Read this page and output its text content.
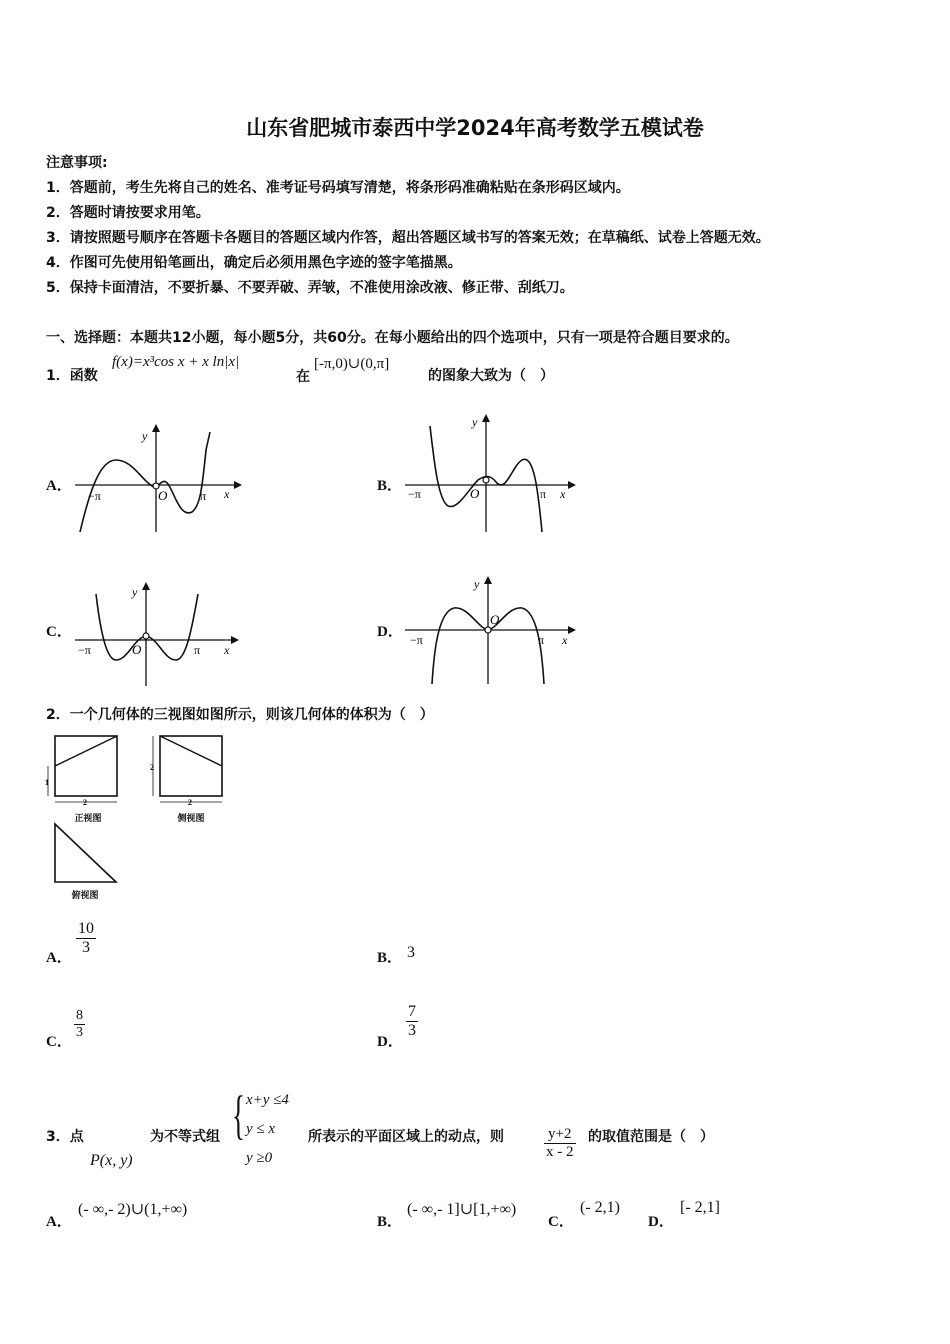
山东省肥城市泰西中学2024年高考数学五模试卷
注意事项:
1．答题前，考生先将自己的姓名、准考证号码填写清楚，将条形码准确粘贴在条形码区域内。
2．答题时请按要求用笔。
3．请按照题号顺序在答题卡各题目的答题区域内作答，超出答题区域书写的答案无效；在草稿纸、试卷上答题无效。
4．作图可先使用铅笔画出，确定后必须用黑色字迹的签字笔描黑。
5．保持卡面清洁，不要折暴、不要弄破、弄皱，不准使用涂改液、修正带、刮纸刀。
一、选择题：本题共12小题，每小题5分，共60分。在每小题给出的四个选项中，只有一项是符合题目要求的。
1．函数
f(x)=x³cos x + x ln|x|
在
[-π,0)∪(0,π]
的图象大致为（　）
A．	B．
C．	D．
y
x
O
−π	π
y
x
O
−π	π
y
x
O
−π	π
y
x
O
−π	π
2．一个几何体的三视图如图所示，则该几何体的体积为（　）
1
2
正视图
2
2
侧视图
俯视图
A．
$\frac{10}{3}$
B． 3
C．
$\frac{8}{3}$
D．
$\frac{7}{3}$
3．点
P(x, y)
为不等式组 { x+y ≤4
y ≤ x
y ≥0
所表示的平面区域上的动点，则	$\frac{y+2}{x - 2}$ 的取值范围是（　）
A．
(- ∞,- 2)∪(1,+∞)
B．
(- ∞,- 1]∪[1,+∞)
C．
(- 2,1)
D．
[- 2,1]
